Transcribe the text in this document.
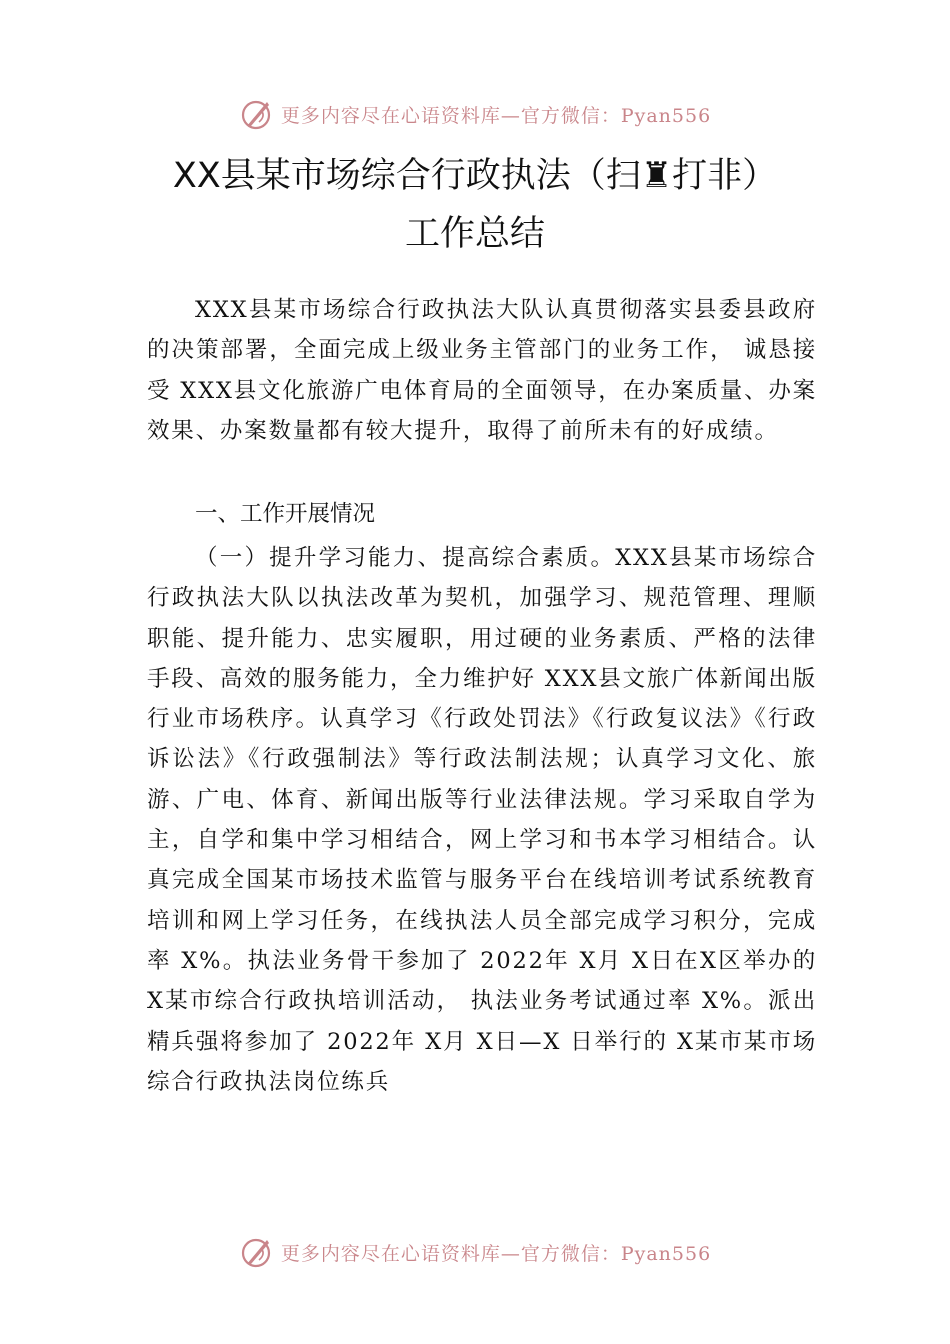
更多内容尽在心语资料库—官方微信：Pyan556
XX县某市场综合行政执法（扫♜打非）
工作总结

XXX县某市场综合行政执法大队认真贯彻落实县委县政府的决策部署，全面完成上级业务主管部门的业务工作， 诚恳接受 XXX县文化旅游广电体育局的全面领导，在办案质量、办案效果、办案数量都有较大提升，取得了前所未有的好成绩。

一、工作开展情况

（一）提升学习能力、提高综合素质。XXX县某市场综合行政执法大队以执法改革为契机，加强学习、规范管理、理顺职能、提升能力、忠实履职，用过硬的业务素质、严格的法律手段、高效的服务能力，全力维护好 XXX县文旅广体新闻出版行业市场秩序。认真学习《行政处罚法》《行政复议法》《行政诉讼法》《行政强制法》等行政法制法规；认真学习文化、旅游、广电、体育、新闻出版等行业法律法规。学习采取自学为主，自学和集中学习相结合，网上学习和书本学习相结合。认真完成全国某市场技术监管与服务平台在线培训考试系统教育培训和网上学习任务，在线执法人员全部完成学习积分，完成率 X%。执法业务骨干参加了 2022年 X月 X日在X区举办的 X某市综合行政执培训活动， 执法业务考试通过率 X%。派出精兵强将参加了 2022年 X月 X日—X 日举行的 X某市某市场综合行政执法岗位练兵

更多内容尽在心语资料库—官方微信：Pyan556
